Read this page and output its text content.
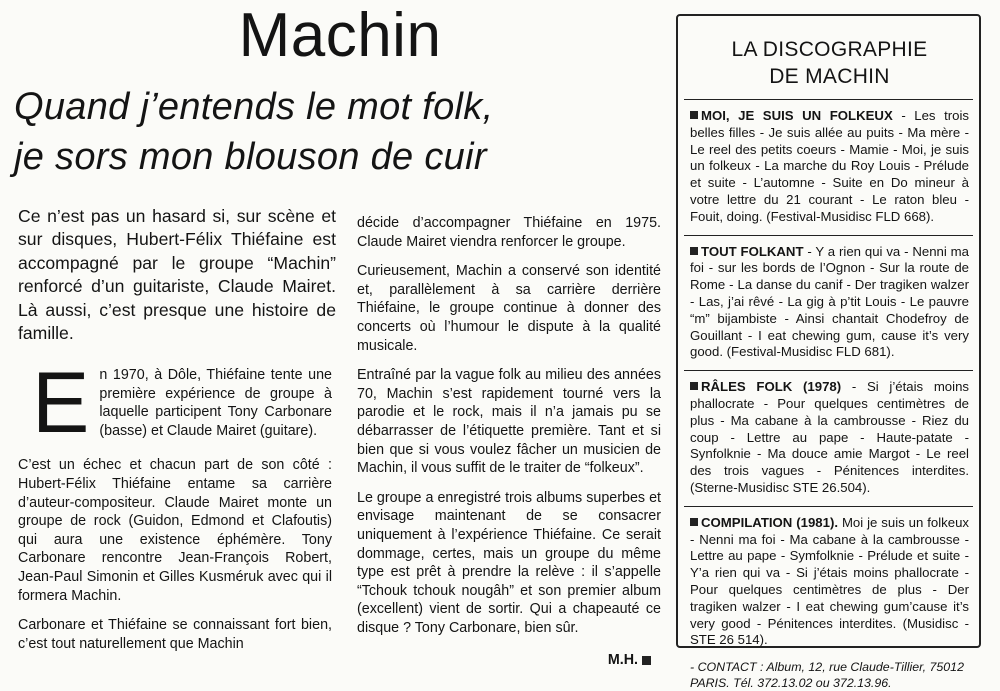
Machin
Quand j’entends le mot folk,
je sors mon blouson de cuir
Ce n’est pas un hasard si, sur scène et sur disques, Hubert-Félix Thiéfaine est accompagné par le groupe “Machin” renforcé d’un guitariste, Claude Mairet. Là aussi, c’est presque une histoire de famille.
E n 1970, à Dôle, Thiéfaine tente une première expérience de groupe à laquelle participent Tony Carbonare (basse) et Claude Mairet (guitare).

C’est un échec et chacun part de son côté : Hubert-Félix Thiéfaine entame sa carrière d’auteur-compositeur. Claude Mairet monte un groupe de rock (Guidon, Edmond et Clafoutis) qui aura une existence éphémère. Tony Carbonare rencontre Jean-François Robert, Jean-Paul Simonin et Gilles Kusméruk avec qui il formera Machin.

Carbonare et Thiéfaine se connaissant fort bien, c’est tout naturellement que Machin

décide d’accompagner Thiéfaine en 1975. Claude Mairet viendra renforcer le groupe.

Curieusement, Machin a conservé son identité et, parallèlement à sa carrière derrière Thiéfaine, le groupe continue à donner des concerts où l’humour le dispute à la qualité musicale.

Entraîné par la vague folk au milieu des années 70, Machin s’est rapidement tourné vers la parodie et le rock, mais il n’a jamais pu se débarrasser de l’étiquette première. Tant et si bien que si vous voulez fâcher un musicien de Machin, il vous suffit de le traiter de “folkeux”.

Le groupe a enregistré trois albums superbes et envisage maintenant de se consacrer uniquement à l’expérience Thiéfaine. Ce serait dommage, certes, mais un groupe du même type est prêt à prendre la relève : il s’appelle “Tchouk tchouk nougâh” et son premier album (excellent) vient de sortir. Qui a chapeauté ce disque ? Tony Carbonare, bien sûr.

M.H.
LA DISCOGRAPHIE
DE MACHIN
MOI, JE SUIS UN FOLKEUX - Les trois belles filles - Je suis allée au puits - Ma mère - Le reel des petits coeurs - Mamie - Moi, je suis un folkeux - La marche du Roy Louis - Prélude et suite - L’automne - Suite en Do mineur à votre lettre du 21 courant - Le raton bleu - Fouit, doing. (Festival-Musidisc FLD 668).
TOUT FOLKANT - Y a rien qui va - Nenni ma foi - sur les bords de l’Ognon - Sur la route de Rome - La danse du canif - Der tragiken walzer - Las, j’ai rêvé - La gig à p’tit Louis - Le pauvre “m” bijambiste - Ainsi chantait Chodefroy de Gouillant - I eat chewing gum, cause it’s very good. (Festival-Musidisc FLD 681).
RÂLES FOLK (1978) - Si j’étais moins phallocrate - Pour quelques centimètres de plus - Ma cabane à la cambrousse - Riez du coup - Lettre au pape - Haute-patate - Synfolknie - Ma douce amie Margot - Le reel des trois vagues - Pénitences interdites. (Sterne-Musidisc STE 26.504).
COMPILATION (1981). Moi je suis un folkeux - Nenni ma foi - Ma cabane à la cambrousse - Lettre au pape - Symfolknie - Prélude et suite - Y’a rien qui va - Si j’étais moins phallocrate - Pour quelques centimètres de plus - Der tragiken walzer - I eat chewing gum’cause it’s very good - Pénitences interdites. (Musidisc - STE 26 514).
- CONTACT : Album, 12, rue Claude-Tillier, 75012 PARIS. Tél. 372.13.02 ou 372.13.96.
